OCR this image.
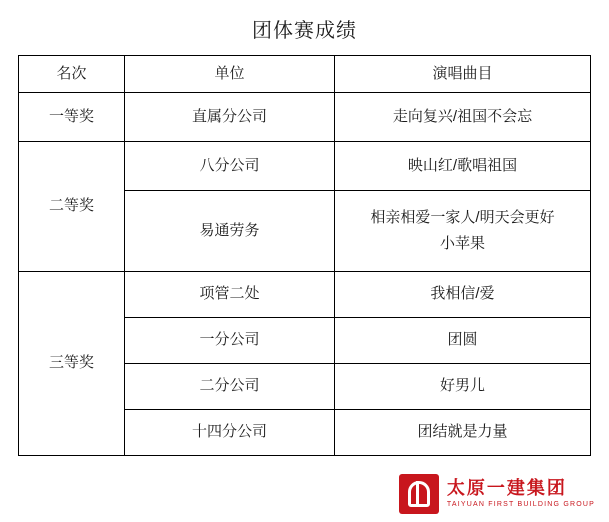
团体赛成绩
名次	单位	演唱曲目
一等奖	直属分公司	走向复兴/祖国不会忘
二等奖	八分公司	映山红/歌唱祖国
	易通劳务	相亲相爱一家人/明天会更好
小苹果

三等奖	项管二处	我相信/爱
	一分公司	团圆
	二分公司	好男儿
	十四分公司	团结就是力量
太原一建集团
TAIYUAN FIRST BUILDING GROUP
